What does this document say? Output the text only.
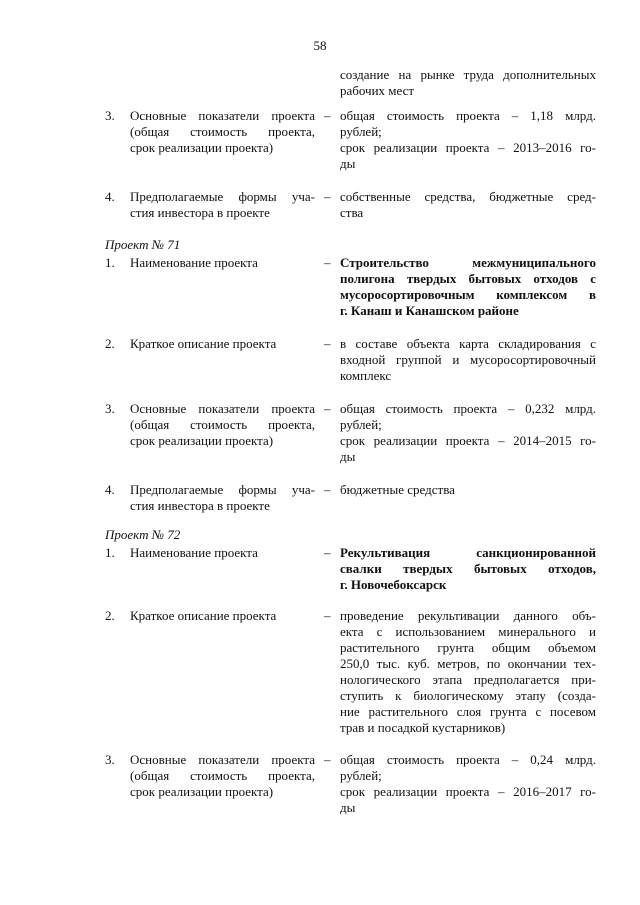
58

создание на рынке труда дополнительных

рабочих мест

3. Основные показатели проекта

(общая стоимость проекта,

срок реализации проекта)

– общая стоимость проекта – 1,18 млрд.

рублей;

срок реализации проекта – 2013–2016 го-

ды

4. Предполагаемые формы уча-

стия инвестора в проекте

– собственные средства, бюджетные сред-

ства

Проект № 71
1. Наименование проекта	– Строительство межмуниципального

полигона твердых бытовых отходов с

мусоросортировочным комплексом в

г. Канаш и Канашском районе

2. Краткое описание проекта	– в составе объекта карта складирования с

входной группой и мусоросортировочный

комплекс

3. Основные показатели проекта

(общая стоимость проекта,

срок реализации проекта)

– общая стоимость проекта – 0,232 млрд.

рублей;

срок реализации проекта – 2014–2015 го-

ды

4. Предполагаемые формы уча-

стия инвестора в проекте

– бюджетные средства

Проект № 72
1. Наименование проекта	– Рекультивация санкционированной

свалки твердых бытовых отходов,

г. Новочебоксарск

2. Краткое описание проекта	– проведение рекультивации данного объ-

екта с использованием минерального и

растительного грунта общим объемом

250,0 тыс. куб. метров, по окончании тех-

нологического этапа предполагается при-

ступить к биологическому этапу (созда-

ние растительного слоя грунта с посевом

трав и посадкой кустарников)

3. Основные показатели проекта

(общая стоимость проекта,

срок реализации проекта)

– общая стоимость проекта – 0,24 млрд.

рублей;

срок реализации проекта – 2016–2017 го-

ды
